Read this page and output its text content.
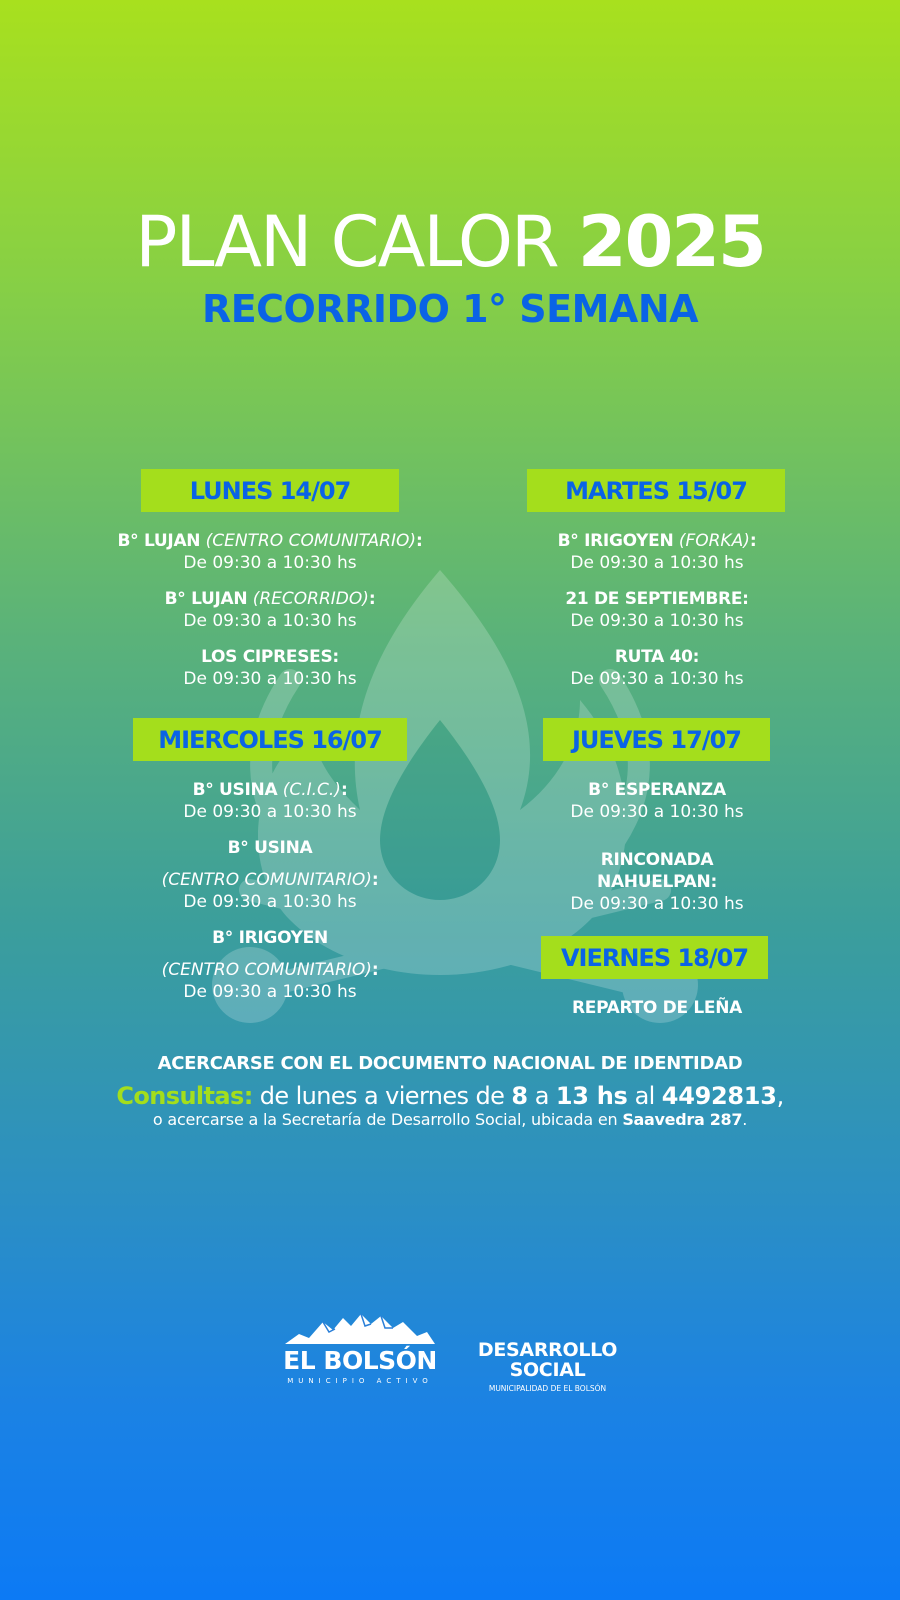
PLAN CALOR 2025
RECORRIDO 1° SEMANA
LUNES 14/07
B° LUJAN (CENTRO COMUNITARIO):
De 09:30 a 10:30 hs
B° LUJAN (RECORRIDO):
De 09:30 a 10:30 hs
LOS CIPRESES:
De 09:30 a 10:30 hs
MARTES 15/07
B° IRIGOYEN (FORKA):
De 09:30 a 10:30 hs
21 DE SEPTIEMBRE:
De 09:30 a 10:30 hs
RUTA 40:
De 09:30 a 10:30 hs
MIERCOLES 16/07
B° USINA (C.I.C.):
De 09:30 a 10:30 hs
B° USINA
(CENTRO COMUNITARIO):
De 09:30 a 10:30 hs
B° IRIGOYEN
(CENTRO COMUNITARIO):
De 09:30 a 10:30 hs
JUEVES 17/07
B° ESPERANZA
De 09:30 a 10:30 hs
RINCONADA
NAHUELPAN:
De 09:30 a 10:30 hs
VIERNES 18/07
REPARTO DE LEÑA
ACERCARSE CON EL DOCUMENTO NACIONAL DE IDENTIDAD
Consultas: de lunes a viernes de 8 a 13 hs al 4492813,
o acercarse a la Secretaría de Desarrollo Social, ubicada en Saavedra 287.
EL BOLSÓN
MUNICIPIO ACTIVO
DESARROLLO
SOCIAL
MUNICIPALIDAD DE EL BOLSÓN
